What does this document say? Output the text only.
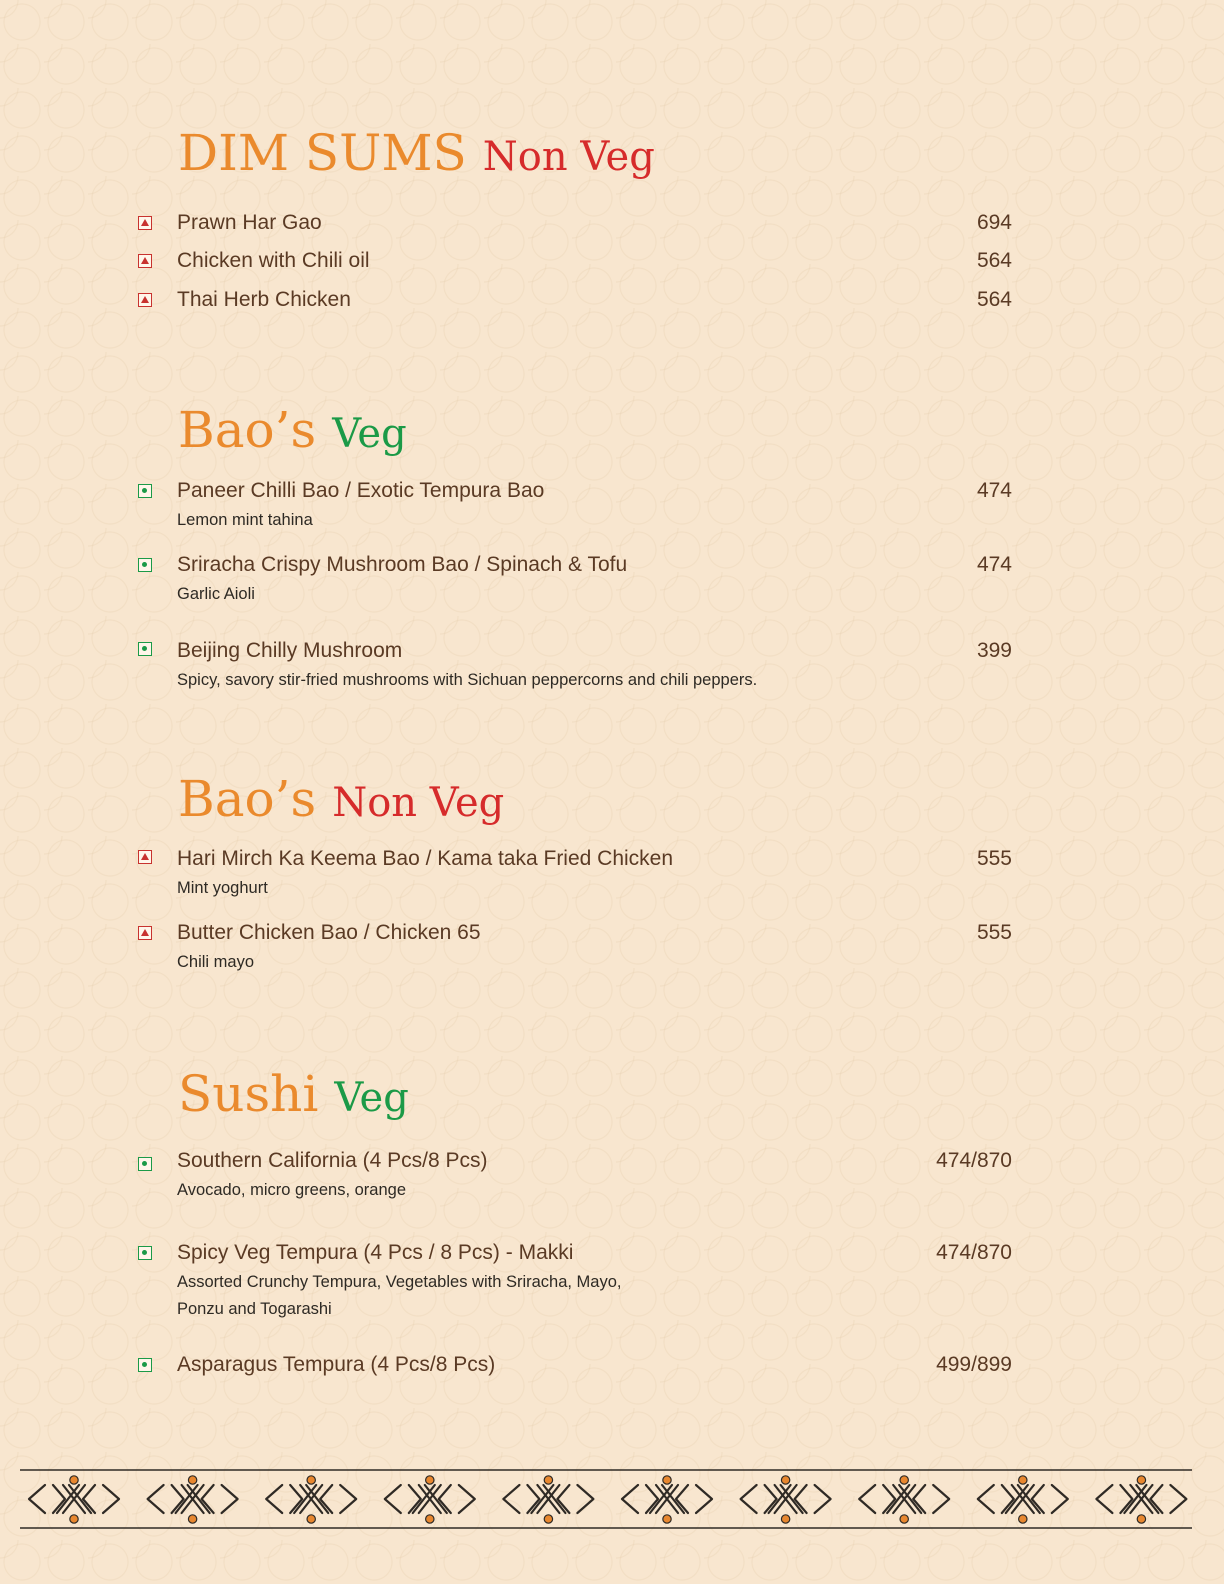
DIM SUMS Non Veg
Prawn Har Gao	694
Chicken with Chili oil	564
Thai Herb Chicken	564
Bao’s Veg
Paneer Chilli Bao / Exotic Tempura Bao	474
Lemon mint tahina
Sriracha Crispy Mushroom Bao / Spinach & Tofu	474
Garlic Aioli
Beijing Chilly Mushroom	399
Spicy, savory stir-fried mushrooms with Sichuan peppercorns and chili peppers.
Bao’s Non Veg
Hari Mirch Ka Keema Bao / Kama taka Fried Chicken	555
Mint yoghurt
Butter Chicken Bao / Chicken 65	555
Chili mayo
Sushi Veg
Southern California (4 Pcs/8 Pcs)	474/870
Avocado, micro greens, orange
Spicy Veg Tempura (4 Pcs / 8 Pcs) - Makki	474/870
Assorted Crunchy Tempura, Vegetables with Sriracha, Mayo,
Ponzu and Togarashi
Asparagus Tempura (4 Pcs/8 Pcs)	499/899
